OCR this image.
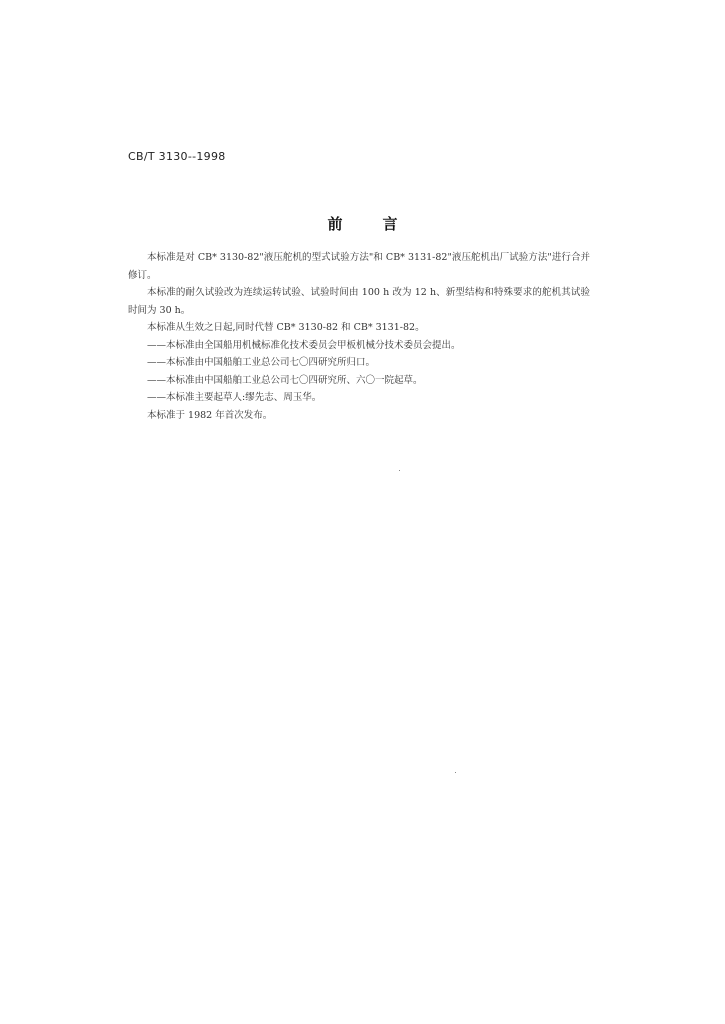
CB/T 3130--1998
前言

本标准是对 CB* 3130-82"液压舵机的型式试验方法"和 CB* 3131-82"液压舵机出厂试验方法"进行合并修订。

本标准的耐久试验改为连续运转试验、试验时间由 100 h 改为 12 h、新型结构和特殊要求的舵机其试验时间为 30 h。

本标准从生效之日起,同时代替 CB* 3130-82 和 CB* 3131-82。

——本标准由全国船用机械标准化技术委员会甲板机械分技术委员会提出。

——本标准由中国船舶工业总公司七〇四研究所归口。

——本标准由中国船舶工业总公司七〇四研究所、六〇一院起草。

——本标准主要起草人:缪先志、周玉华。

本标准于 1982 年首次发布。
